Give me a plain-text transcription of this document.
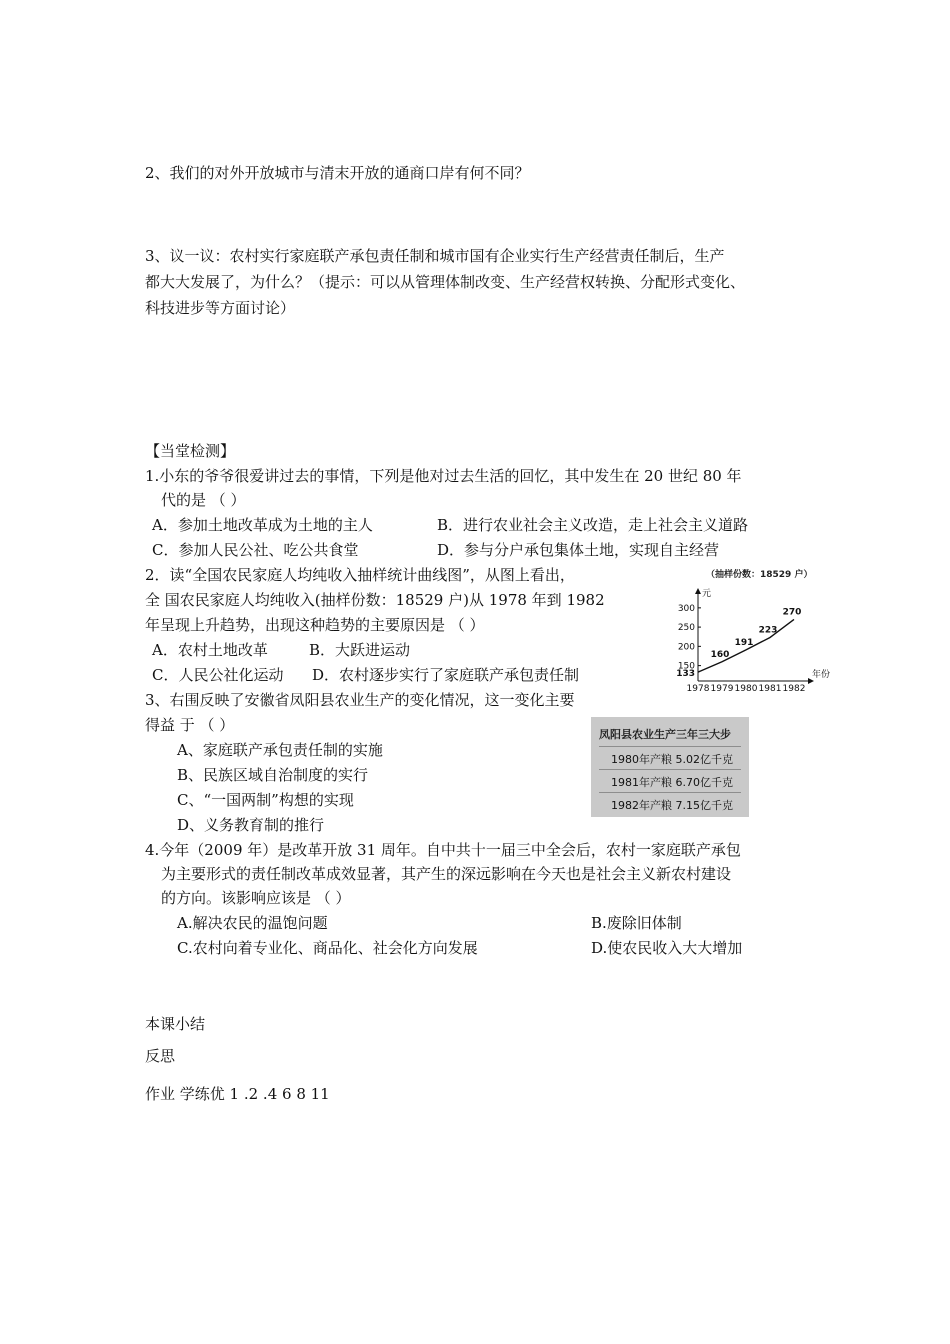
2、我们的对外开放城市与清末开放的通商口岸有何不同？
3、议一议：农村实行家庭联产承包责任制和城市国有企业实行生产经营责任制后，生产
都大大发展了，为什么？（提示：可以从管理体制改变、生产经营权转换、分配形式变化、
科技进步等方面讨论）
【当堂检测】
1.小东的爷爷很爱讲过去的事情，下列是他对过去生活的回忆，其中发生在 20 世纪 80 年
代的是 （ ）
A．参加土地改革成为土地的主人	B．进行农业社会主义改造，走上社会主义道路
C．参加人民公社、吃公共食堂	D．参与分户承包集体土地，实现自主经营
2．读“全国农民家庭人均纯收入抽样统计曲线图”，从图上看出，
全 国农民家庭人均纯收入(抽样份数：18529 户)从 1978 年到 1982
年呈现上升趋势，出现这种趋势的主要原因是 （ ）
A．农村土地改革	B．大跃进运动
C．人民公社化运动 D．农村逐步实行了家庭联产承包责任制
（抽样份数：18529 户）
元
年份
150
200
250
300
1978 1979 1980 1981 1982
133
160
191
223
270
3、右围反映了安徽省凤阳县农业生产的变化情况，这一变化主要
得益 于 （ ）
A、家庭联产承包责任制的实施
B、民族区域自治制度的实行
C、“一国两制”构想的实现
D、义务教育制的推行
凤阳县农业生产三年三大步
1980年产粮 5.02亿千克
1981年产粮 6.70亿千克
1982年产粮 7.15亿千克
4.今年（2009 年）是改革开放 31 周年。自中共十一届三中全会后，农村一家庭联产承包
为主要形式的责任制改革成效显著，其产生的深远影响在今天也是社会主义新农村建设
的方向。该影响应该是 （ ）
A.解决农民的温饱问题	B.废除旧体制
C.农村向着专业化、商品化、社会化方向发展	D.使农民收入大大增加
本课小结
反思
作业 学练优 1 .2 .4 6 8 11
